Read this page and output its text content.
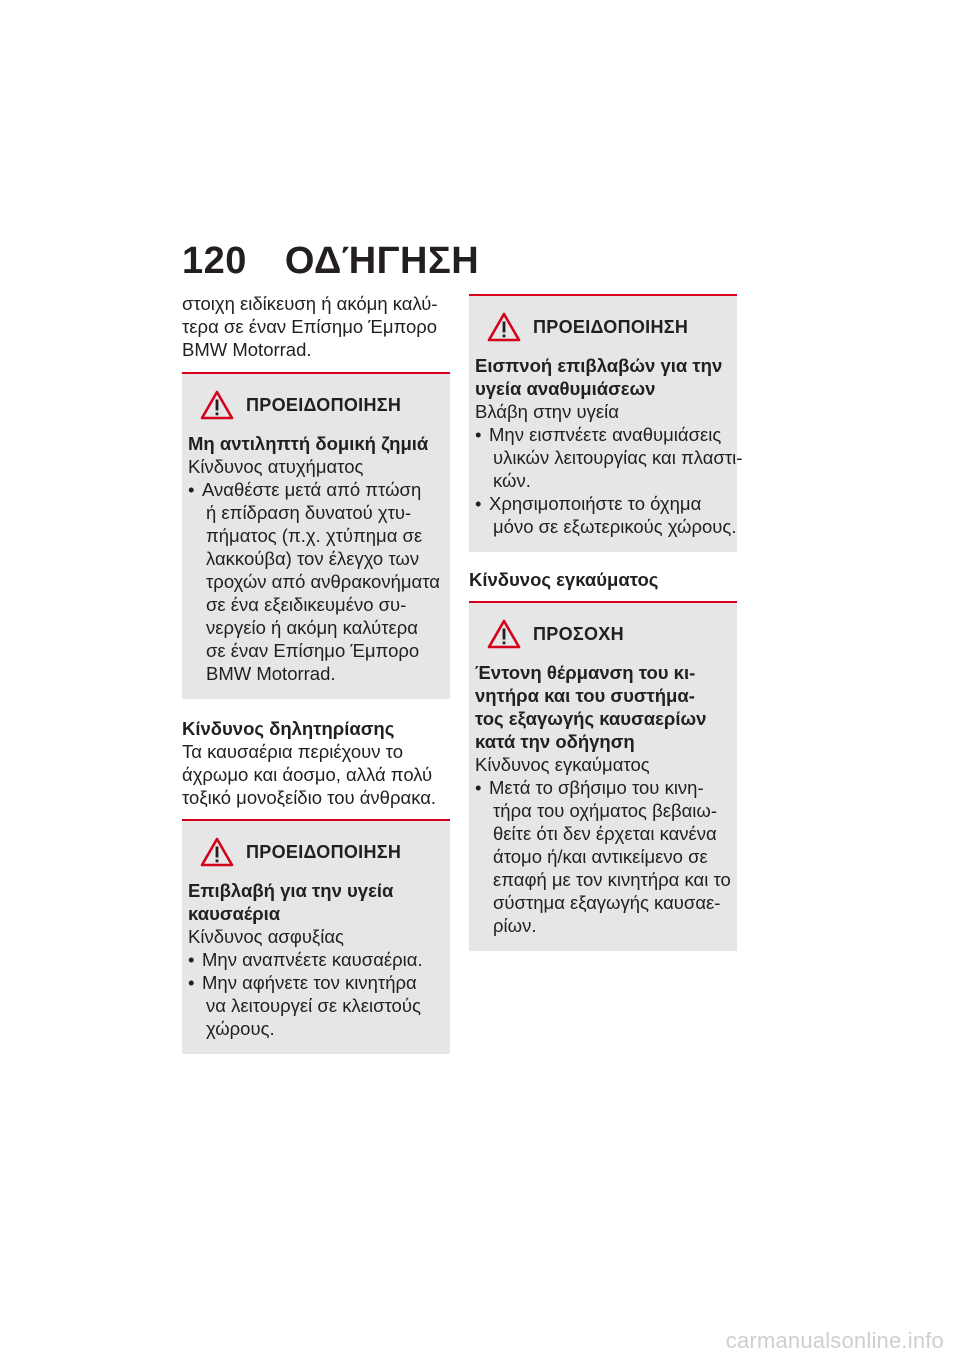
120 ΟΔΉΓΗΣΗ
στοιχη ειδίκευση ή ακόμη καλύ-
τερα σε έναν Επίσημο Έμπορο
BMW Motorrad.
ΠΡΟΕΙΔΟΠΟΙΗΣΗ
Μη αντιληπτή δομική ζημιά
Κίνδυνος ατυχήματος
• Αναθέστε μετά από πτώση
ή επίδραση δυνατού χτυ-
πήματος (π.χ. χτύπημα σε
λακκούβα) τον έλεγχο των
τροχών από ανθρακονήματα
σε ένα εξειδικευμένο συ-
νεργείο ή ακόμη καλύτερα
σε έναν Επίσημο Έμπορο
BMW Motorrad.
Κίνδυνος δηλητηρίασης
Τα καυσαέρια περιέχουν το
άχρωμο και άοσμο, αλλά πολύ
τοξικό μονοξείδιο του άνθρακα.
ΠΡΟΕΙΔΟΠΟΙΗΣΗ
Επιβλαβή για την υγεία
καυσαέρια
Κίνδυνος ασφυξίας
• Μην αναπνέετε καυσαέρια.
• Μην αφήνετε τον κινητήρα
να λειτουργεί σε κλειστούς
χώρους.
ΠΡΟΕΙΔΟΠΟΙΗΣΗ
Εισπνοή επιβλαβών για την
υγεία αναθυμιάσεων
Βλάβη στην υγεία
• Μην εισπνέετε αναθυμιάσεις
υλικών λειτουργίας και πλαστι-
κών.
• Χρησιμοποιήστε το όχημα
μόνο σε εξωτερικούς χώρους.
Κίνδυνος εγκαύματος
ΠΡΟΣΟΧΗ
Έντονη θέρμανση του κι-
νητήρα και του συστήμα-
τος εξαγωγής καυσαερίων
κατά την οδήγηση
Κίνδυνος εγκαύματος
• Μετά το σβήσιμο του κινη-
τήρα του οχήματος βεβαιω-
θείτε ότι δεν έρχεται κανένα
άτομο ή/και αντικείμενο σε
επαφή με τον κινητήρα και το
σύστημα εξαγωγής καυσαε-
ρίων.
carmanualsonline.info
